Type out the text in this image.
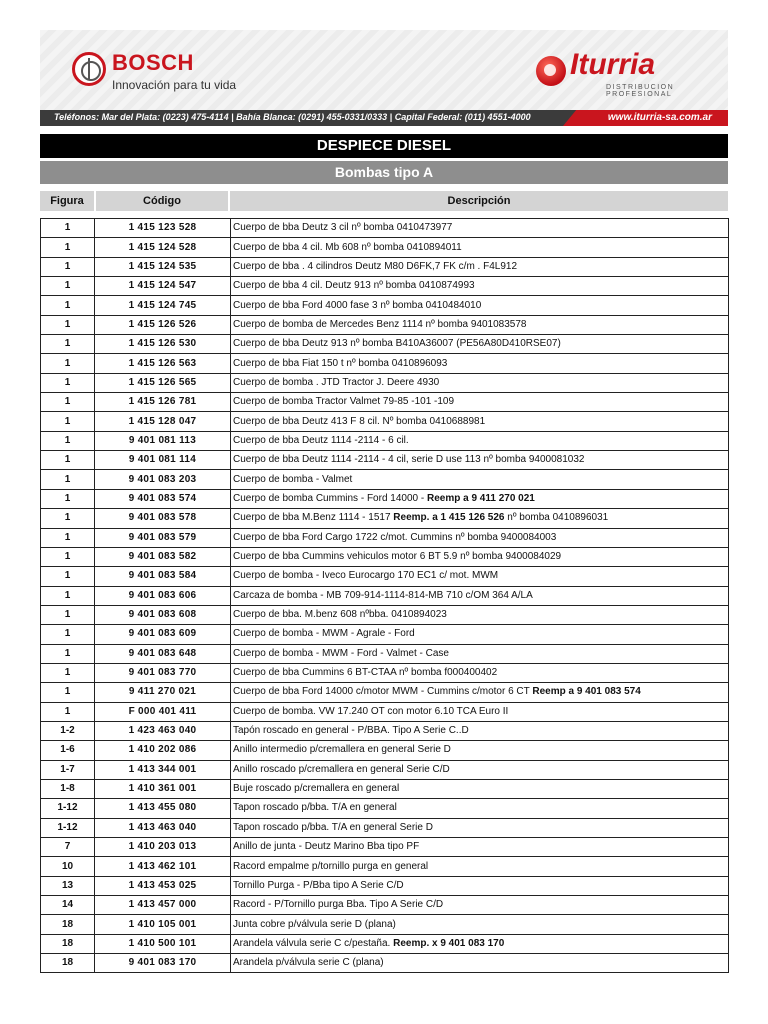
BOSCH
Innovación para tu vida
Iturria
DISTRIBUCION PROFESIONAL
Teléfonos: Mar del Plata: (0223) 475-4114 | Bahía Blanca: (0291) 455-0331/0333 | Capital Federal: (011) 4551-4000	www.iturria-sa.com.ar
DESPIECE DIESEL
Bombas tipo A
Figura	Código	Descripción
1	1 415 123 528	Cuerpo de bba Deutz 3 cil nº bomba 0410473977
1	1 415 124 528	Cuerpo de bba 4 cil. Mb 608 nº bomba 0410894011
1	1 415 124 535	Cuerpo de bba . 4 cilindros Deutz M80 D6FK,7 FK c/m . F4L912
1	1 415 124 547	Cuerpo de bba 4 cil. Deutz 913 nº bomba 0410874993
1	1 415 124 745	Cuerpo de bba Ford 4000 fase 3 nº bomba 0410484010
1	1 415 126 526	Cuerpo de bomba de Mercedes Benz 1114 nº bomba 9401083578
1	1 415 126 530	Cuerpo de bba Deutz 913 nº bomba B410A36007 (PE56A80D410RSE07)
1	1 415 126 563	Cuerpo de bba Fiat 150 t nº bomba 0410896093
1	1 415 126 565	Cuerpo de bomba . JTD Tractor J. Deere 4930
1	1 415 126 781	Cuerpo de bomba Tractor Valmet 79-85 -101 -109
1	1 415 128 047	Cuerpo de bba Deutz 413 F 8 cil. Nº bomba 0410688981
1	9 401 081 113	Cuerpo de bba Deutz 1114 -2114 - 6 cil.
1	9 401 081 114	Cuerpo de bba Deutz 1114 -2114 - 4 cil, serie D use 113 nº bomba 9400081032
1	9 401 083 203	Cuerpo de bomba - Valmet
1	9 401 083 574	Cuerpo de bomba Cummins - Ford 14000 - Reemp a 9 411 270 021
1	9 401 083 578	Cuerpo de bba M.Benz 1114 - 1517 Reemp. a 1 415 126 526 nº bomba 0410896031
1	9 401 083 579	Cuerpo de bba Ford Cargo 1722 c/mot. Cummins nº bomba 9400084003
1	9 401 083 582	Cuerpo de bba Cummins vehiculos motor 6 BT 5.9 nº bomba 9400084029
1	9 401 083 584	Cuerpo de bomba - Iveco Eurocargo 170 EC1 c/ mot. MWM
1	9 401 083 606	Carcaza de bomba - MB 709-914-1114-814-MB 710 c/OM 364 A/LA
1	9 401 083 608	Cuerpo de bba. M.benz 608 nºbba. 0410894023
1	9 401 083 609	Cuerpo de bomba - MWM - Agrale - Ford
1	9 401 083 648	Cuerpo de bomba - MWM - Ford - Valmet - Case
1	9 401 083 770	Cuerpo de bba Cummins 6 BT-CTAA nº bomba f000400402
1	9 411 270 021	Cuerpo de bba Ford 14000 c/motor MWM - Cummins c/motor 6 CT Reemp a 9 401 083 574
1	F 000 401 411	Cuerpo de bomba. VW 17.240 OT con motor 6.10 TCA Euro II
1-2	1 423 463 040	Tapón roscado en general - P/BBA. Tipo A Serie C..D
1-6	1 410 202 086	Anillo intermedio p/cremallera en general Serie D
1-7	1 413 344 001	Anillo roscado p/cremallera en general Serie C/D
1-8	1 410 361 001	Buje roscado p/cremallera en general
1-12	1 413 455 080	Tapon roscado p/bba. T/A en general
1-12	1 413 463 040	Tapon roscado p/bba. T/A en general Serie D
7	1 410 203 013	Anillo de junta - Deutz Marino Bba tipo PF
10	1 413 462 101	Racord empalme p/tornillo purga en general
13	1 413 453 025	Tornillo Purga - P/Bba tipo A Serie C/D
14	1 413 457 000	Racord - P/Tornillo purga Bba. Tipo A Serie C/D
18	1 410 105 001	Junta cobre p/válvula serie D (plana)
18	1 410 500 101	Arandela válvula serie C c/pestaña. Reemp. x 9 401 083 170
18	9 401 083 170	Arandela p/válvula serie C (plana)
